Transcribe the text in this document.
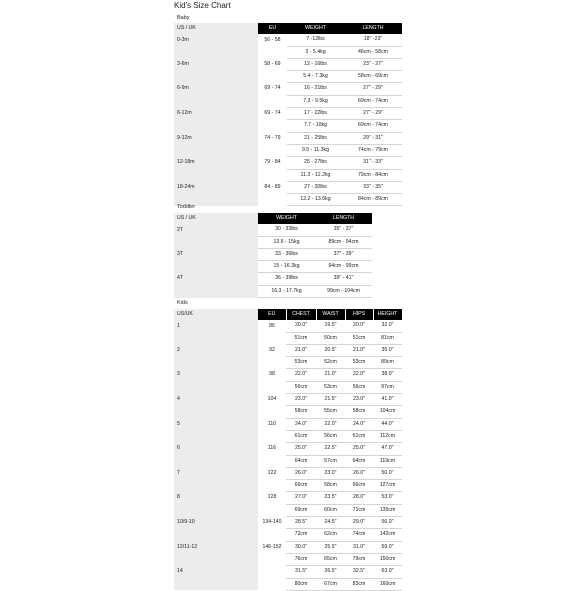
Kid's Size Chart
Baby
US / UK	EU	WEIGHT	LENGTH
0-3m	56 - 58	7 -12lbs	18" -23"
		3 - 5.4kg	46cm - 58cm
3-6m	58 - 69	12 - 16lbs	23" - 27"
		5.4 - 7.3kg	58cm - 69cm
6-9m	69 - 74	16 - 21lbs	27" - 29"
		7.3 - 9.5kg	69cm - 74cm
6-12m	69 - 74	17 - 22lbs	27" - 29"
		7.7 - 10kg	69cm - 74cm
9-12m	74 - 79	21 - 25lbs	29" - 31"
		9.5 - 11.3kg	74cm - 79cm
12-18m	79 - 84	25 - 27lbs	31" - 33"
		11.3 - 12.2kg	79cm - 84cm
18-24m	84 - 89	27 - 30lbs	33" - 35"
		12.2 - 13.6kg	84cm - 89cm
Toddler
US / UK	WEIGHT	LENGTH
2T	30 - 33lbs	35" - 37"
	13.6 - 15kg	89cm - 94cm
3T	33 - 36lbs	37" - 39"
	15 - 16.3kg	94cm - 99cm
4T	36 - 39lbs	39" - 41"
	16.3 - 17.7kg	99cm - 104cm
Kids
US/UK	EU	CHEST	WAIST	HIPS	HEIGHT
1	86	20.0"	19.5"	20.0"	32.0"
		51cm	50cm	51cm	81cm
2	92	21.0"	20.5"	21.0"	35.0"
		53cm	52cm	53cm	89cm
3	98	22.0"	21.0"	22.0"	38.0"
		56cm	53cm	56cm	97cm
4	104	23.0"	21.5"	23.0"	41.0"
		58cm	55cm	58cm	104cm
5	110	24.0"	22.0"	24.0"	44.0"
		61cm	56cm	61cm	112cm
6	116	25.0"	22.5"	25.0"	47.0"
		64cm	57cm	64cm	119cm
7	122	26.0"	23.0"	26.0"	50.0"
		66cm	58cm	66cm	127cm
8	128	27.0"	23.5"	28.0"	53.0"
		69cm	60cm	71cm	135cm
10/9-10	134-140	28.5"	24.5"	29.0"	56.0"
		72cm	62cm	74cm	142cm
12/11-12	146-152	30.0"	25.5"	31.0"	59.0"
		76cm	65cm	79cm	150cm
14		31.5"	26.5"	32.5"	63.0"
		80cm	67cm	83cm	160cm
